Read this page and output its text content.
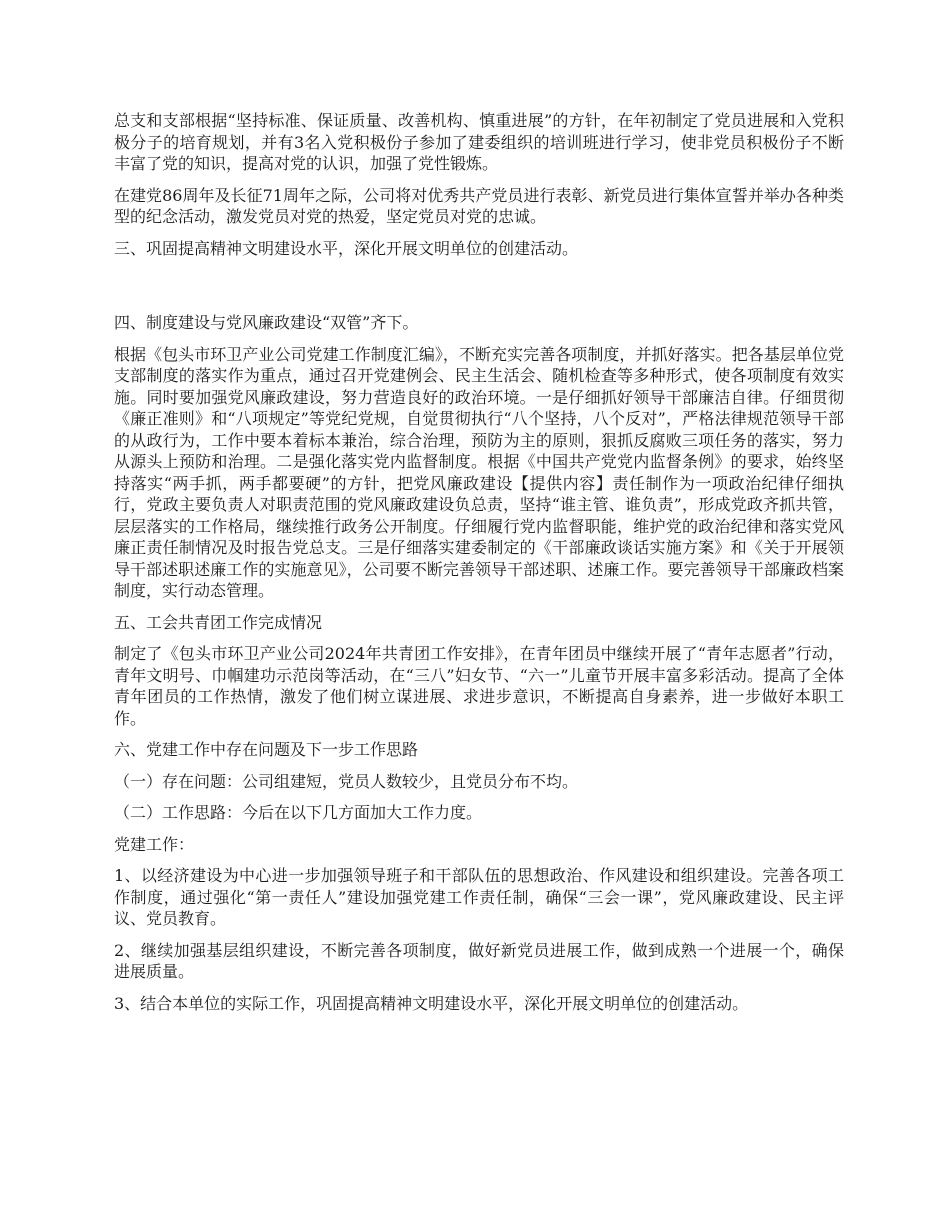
总支和支部根据“坚持标准、保证质量、改善机构、慎重进展”的方针，在年初制定了党员进展和入党积极分子的培育规划，并有3名入党积极份子参加了建委组织的培训班进行学习，使非党员积极份子不断丰富了党的知识，提高对党的认识，加强了党性锻炼。

在建党86周年及长征71周年之际，公司将对优秀共产党员进行表彰、新党员进行集体宣誓并举办各种类型的纪念活动，激发党员对党的热爱，坚定党员对党的忠诚。

三、巩固提高精神文明建设水平，深化开展文明单位的创建活动。

四、制度建设与党风廉政建设“双管”齐下。

根据《包头市环卫产业公司党建工作制度汇编》，不断充实完善各项制度，并抓好落实。把各基层单位党支部制度的落实作为重点，通过召开党建例会、民主生活会、随机检查等多种形式，使各项制度有效实施。同时要加强党风廉政建设，努力营造良好的政治环境。一是仔细抓好领导干部廉洁自律。仔细贯彻《廉正准则》和“八项规定”等党纪党规，自觉贯彻执行“八个坚持，八个反对”，严格法律规范领导干部的从政行为，工作中要本着标本兼治，综合治理，预防为主的原则，狠抓反腐败三项任务的落实，努力从源头上预防和治理。二是强化落实党内监督制度。根据《中国共产党党内监督条例》的要求，始终坚持落实“两手抓，两手都要硬”的方针，把党风廉政建设【提供内容】责任制作为一项政治纪律仔细执行，党政主要负责人对职责范围的党风廉政建设负总责，坚持“谁主管、谁负责”，形成党政齐抓共管，层层落实的工作格局，继续推行政务公开制度。仔细履行党内监督职能，维护党的政治纪律和落实党风廉正责任制情况及时报告党总支。三是仔细落实建委制定的《干部廉政谈话实施方案》和《关于开展领导干部述职述廉工作的实施意见》，公司要不断完善领导干部述职、述廉工作。要完善领导干部廉政档案制度，实行动态管理。

五、工会共青团工作完成情况

制定了《包头市环卫产业公司2024年共青团工作安排》，在青年团员中继续开展了“青年志愿者”行动，青年文明号、巾帼建功示范岗等活动，在“三八”妇女节、“六一”儿童节开展丰富多彩活动。提高了全体青年团员的工作热情，激发了他们树立谋进展、求进步意识，不断提高自身素养，进一步做好本职工作。

六、党建工作中存在问题及下一步工作思路

（一）存在问题：公司组建短，党员人数较少，且党员分布不均。

（二）工作思路：今后在以下几方面加大工作力度。

党建工作：

1、以经济建设为中心进一步加强领导班子和干部队伍的思想政治、作风建设和组织建设。完善各项工作制度，通过强化“第一责任人”建设加强党建工作责任制，确保“三会一课”，党风廉政建设、民主评议、党员教育。

2、继续加强基层组织建设，不断完善各项制度，做好新党员进展工作，做到成熟一个进展一个，确保进展质量。

3、结合本单位的实际工作，巩固提高精神文明建设水平，深化开展文明单位的创建活动。
